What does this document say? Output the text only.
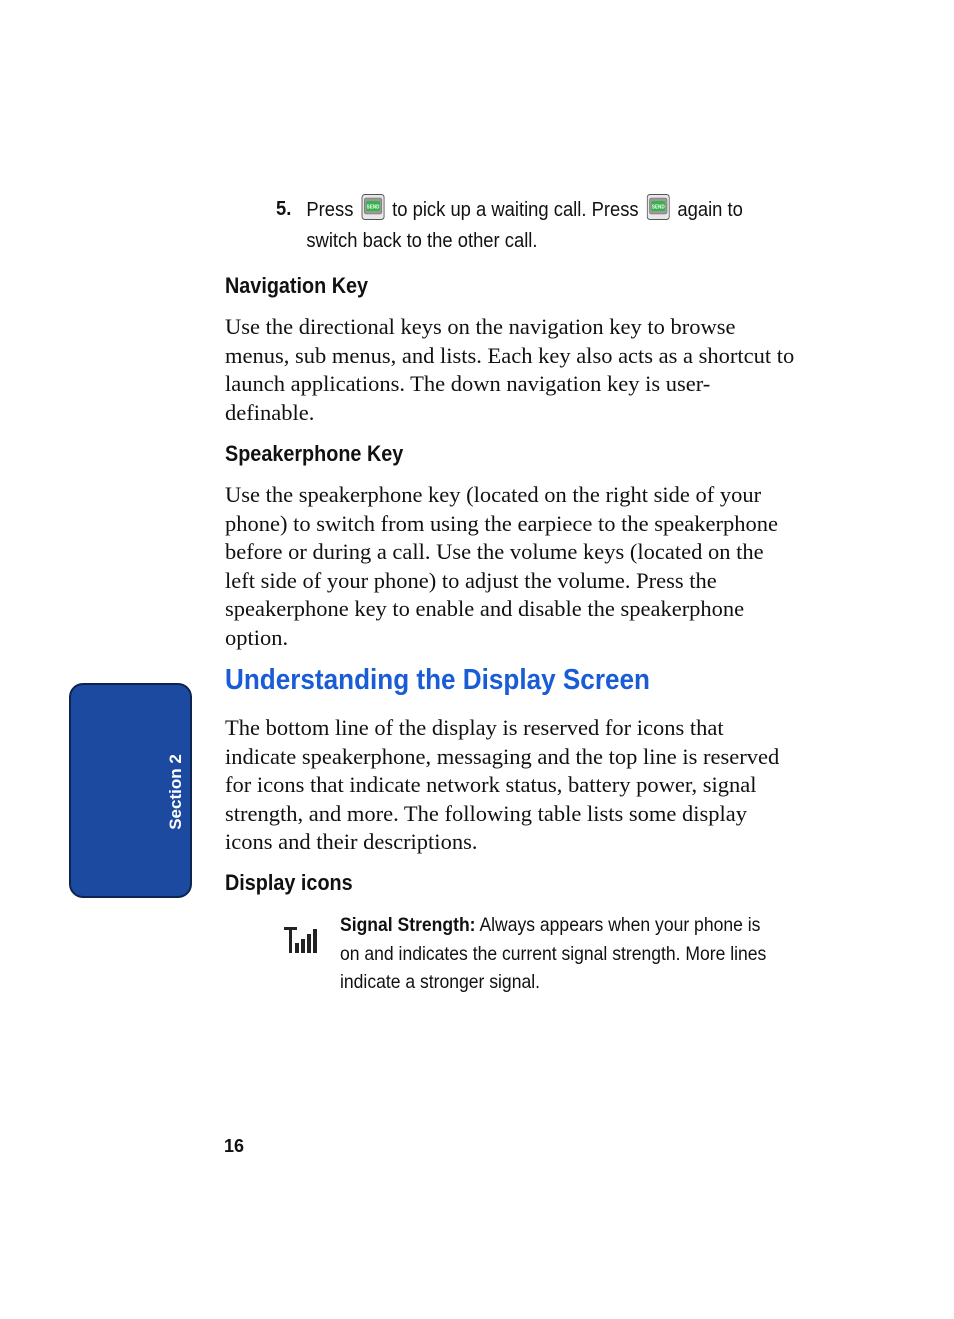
5. Press	SEND to pick up a waiting call. Press	SEND again to switch back to the other call.
Navigation Key

Use the directional keys on the navigation key to browse menus, sub menus, and lists. Each key also acts as a shortcut to launch applications. The down navigation key is user-definable.

Speakerphone Key

Use the speakerphone key (located on the right side of your phone) to switch from using the earpiece to the speakerphone before or during a call. Use the volume keys (located on the left side of your phone) to adjust the volume. Press the speakerphone key to enable and disable the speakerphone option.

Understanding the Display Screen

The bottom line of the display is reserved for icons that indicate speakerphone, messaging and the top line is reserved for icons that indicate network status, battery power, signal strength, and more. The following table lists some display icons and their descriptions.

Display icons
Signal Strength: Always appears when your phone is on and indicates the current signal strength. More lines indicate a stronger signal.
Section 2
16
